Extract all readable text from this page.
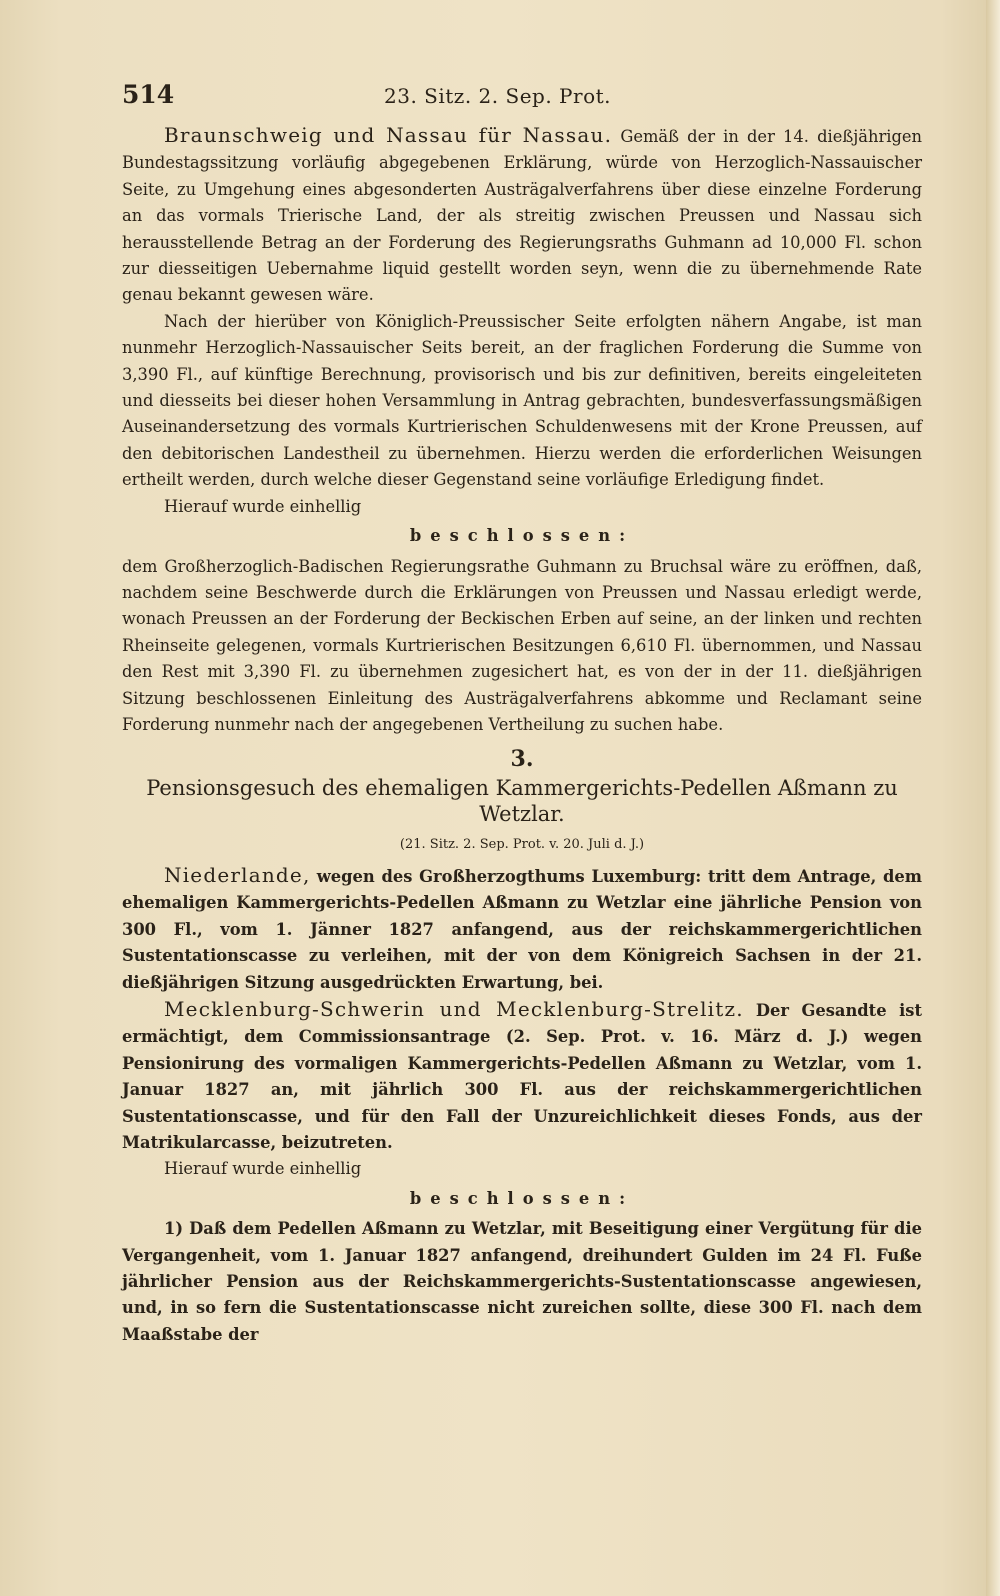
514	23. Sitz. 2. Sep. Prot.

Braunschweig und Nassau für Nassau. Gemäß der in der 14. dießjährigen Bundestagssitzung vorläufig abgegebenen Erklärung, würde von Herzoglich-Nassauischer Seite, zu Umgehung eines abgesonderten Austrägalverfahrens über diese einzelne Forderung an das vormals Trierische Land, der als streitig zwischen Preussen und Nassau sich herausstellende Betrag an der Forderung des Regierungsraths Guhmann ad 10,000 Fl. schon zur diesseitigen Uebernahme liquid gestellt worden seyn, wenn die zu übernehmende Rate genau bekannt gewesen wäre.

Nach der hierüber von Königlich-Preussischer Seite erfolgten nähern Angabe, ist man nunmehr Herzoglich-Nassauischer Seits bereit, an der fraglichen Forderung die Summe von 3,390 Fl., auf künftige Berechnung, provisorisch und bis zur definitiven, bereits eingeleiteten und diesseits bei dieser hohen Versammlung in Antrag gebrachten, bundesverfassungsmäßigen Auseinandersetzung des vormals Kurtrierischen Schuldenwesens mit der Krone Preussen, auf den debitorischen Landestheil zu übernehmen. Hierzu werden die erforderlichen Weisungen ertheilt werden, durch welche dieser Gegenstand seine vorläufige Erledigung findet.

Hierauf wurde einhellig

beschlossen:

dem Großherzoglich-Badischen Regierungsrathe Guhmann zu Bruchsal wäre zu eröffnen, daß, nachdem seine Beschwerde durch die Erklärungen von Preussen und Nassau erledigt werde, wonach Preussen an der Forderung der Beckischen Erben auf seine, an der linken und rechten Rheinseite gelegenen, vormals Kurtrierischen Besitzungen 6,610 Fl. übernommen, und Nassau den Rest mit 3,390 Fl. zu übernehmen zugesichert hat, es von der in der 11. dießjährigen Sitzung beschlossenen Einleitung des Austrägalverfahrens abkomme und Reclamant seine Forderung nunmehr nach der angegebenen Vertheilung zu suchen habe.

3.

Pensionsgesuch des ehemaligen Kammergerichts-Pedellen Aßmann zu Wetzlar.

(21. Sitz. 2. Sep. Prot. v. 20. Juli d. J.)

Niederlande, wegen des Großherzogthums Luxemburg: tritt dem Antrage, dem ehemaligen Kammergerichts-Pedellen Aßmann zu Wetzlar eine jährliche Pension von 300 Fl., vom 1. Jänner 1827 anfangend, aus der reichskammergerichtlichen Sustentationscasse zu verleihen, mit der von dem Königreich Sachsen in der 21. dießjährigen Sitzung ausgedrückten Erwartung, bei.

Mecklenburg-Schwerin und Mecklenburg-Strelitz. Der Gesandte ist ermächtigt, dem Commissionsantrage (2. Sep. Prot. v. 16. März d. J.) wegen Pensionirung des vormaligen Kammergerichts-Pedellen Aßmann zu Wetzlar, vom 1. Januar 1827 an, mit jährlich 300 Fl. aus der reichskammergerichtlichen Sustentationscasse, und für den Fall der Unzureichlichkeit dieses Fonds, aus der Matrikularcasse, beizutreten.

Hierauf wurde einhellig

beschlossen:

1) Daß dem Pedellen Aßmann zu Wetzlar, mit Beseitigung einer Vergütung für die Vergangenheit, vom 1. Januar 1827 anfangend, dreihundert Gulden im 24 Fl. Fuße jährlicher Pension aus der Reichskammergerichts-Sustentationscasse angewiesen, und, in so fern die Sustentationscasse nicht zureichen sollte, diese 300 Fl. nach dem Maaßstabe der
